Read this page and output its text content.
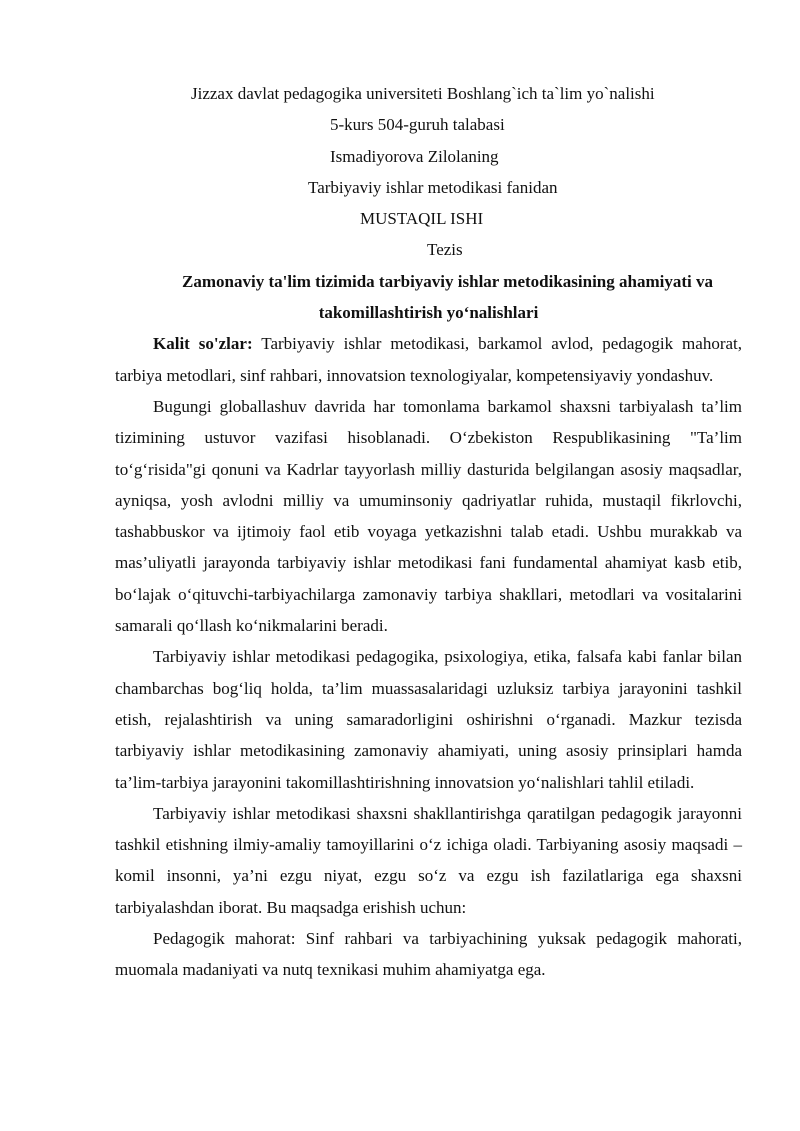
Jizzax davlat pedagogika universiteti Boshlang`ich ta`lim yo`nalishi

5-kurs 504-guruh talabasi

Ismadiyorova Zilolaning

Tarbiyaviy ishlar metodikasi fanidan

MUSTAQIL ISHI

Tezis

Zamonaviy ta'lim tizimida tarbiyaviy ishlar metodikasining ahamiyati va
takomillashtirish yo‘nalishlari

Kalit so'zlar: Tarbiyaviy ishlar metodikasi, barkamol avlod, pedagogik mahorat, tarbiya metodlari, sinf rahbari, innovatsion texnologiyalar, kompetensiyaviy yondashuv.

Bugungi globallashuv davrida har tomonlama barkamol shaxsni tarbiyalash ta’lim tizimining ustuvor vazifasi hisoblanadi. O‘zbekiston Respublikasining "Ta’lim to‘g‘risida"gi qonuni va Kadrlar tayyorlash milliy dasturida belgilangan asosiy maqsadlar, ayniqsa, yosh avlodni milliy va umuminsoniy qadriyatlar ruhida, mustaqil fikrlovchi, tashabbuskor va ijtimoiy faol etib voyaga yetkazishni talab etadi. Ushbu murakkab va mas’uliyatli jarayonda tarbiyaviy ishlar metodikasi fani fundamental ahamiyat kasb etib, bo‘lajak o‘qituvchi-tarbiyachilarga zamonaviy tarbiya shakllari, metodlari va vositalarini samarali qo‘llash ko‘nikmalarini beradi.

Tarbiyaviy ishlar metodikasi pedagogika, psixologiya, etika, falsafa kabi fanlar bilan chambarchas bog‘liq holda, ta’lim muassasalaridagi uzluksiz tarbiya jarayonini tashkil etish, rejalashtirish va uning samaradorligini oshirishni o‘rganadi. Mazkur tezisda tarbiyaviy ishlar metodikasining zamonaviy ahamiyati, uning asosiy prinsiplari hamda ta’lim-tarbiya jarayonini takomillashtirishning innovatsion yo‘nalishlari tahlil etiladi.

Tarbiyaviy ishlar metodikasi shaxsni shakllantirishga qaratilgan pedagogik jarayonni tashkil etishning ilmiy-amaliy tamoyillarini o‘z ichiga oladi. Tarbiyaning asosiy maqsadi – komil insonni, ya’ni ezgu niyat, ezgu so‘z va ezgu ish fazilatlariga ega shaxsni tarbiyalashdan iborat. Bu maqsadga erishish uchun:

Pedagogik mahorat: Sinf rahbari va tarbiyachining yuksak pedagogik mahorati, muomala madaniyati va nutq texnikasi muhim ahamiyatga ega.
